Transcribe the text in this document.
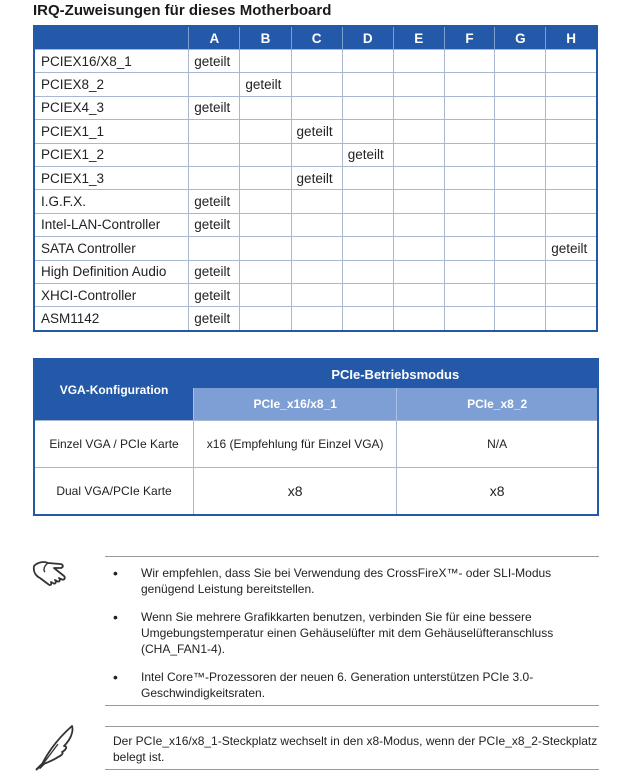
IRQ-Zuweisungen für dieses Motherboard
	A	B	C	D	E	F	G	H
PCIEX16/X8_1	geteilt							
PCIEX8_2		geteilt						
PCIEX4_3	geteilt							
PCIEX1_1			geteilt					
PCIEX1_2				geteilt				
PCIEX1_3			geteilt					
I.G.F.X.	geteilt							
Intel-LAN-Controller	geteilt							
SATA Controller								geteilt
High Definition Audio	geteilt							
XHCI-Controller	geteilt							
ASM1142	geteilt							
VGA-Konfiguration	PCIe-Betriebsmodus	
	PCIe_x16/x8_1	PCIe_x8_2
Einzel VGA / PCIe Karte	x16 (Empfehlung für Einzel VGA)	N/A
Dual VGA/PCIe Karte	x8	x8
• Wir empfehlen, dass Sie bei Verwendung des CrossFireX™- oder SLI-Modus genügend Leistung bereitstellen.
• Wenn Sie mehrere Grafikkarten benutzen, verbinden Sie für eine bessere Umgebungstemperatur einen Gehäuselüfter mit dem Gehäuselüfteranschluss (CHA_FAN1-4).
• Intel Core™-Prozessoren der neuen 6. Generation unterstützen PCIe 3.0-Geschwindigkeitsraten.
Der PCIe_x16/x8_1-Steckplatz wechselt in den x8-Modus, wenn der PCIe_x8_2-Steckplatz belegt ist.
